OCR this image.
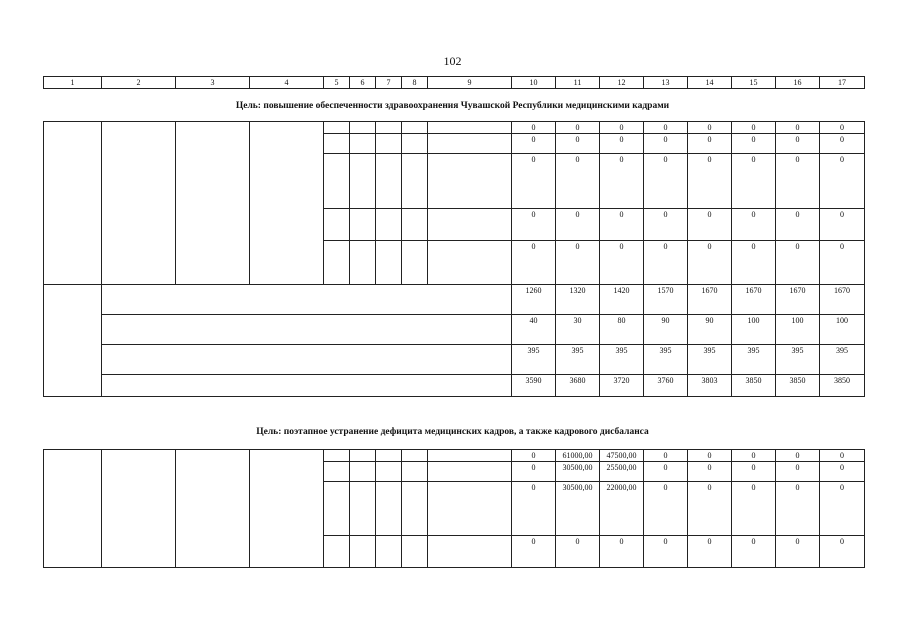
102
1	2	3	4	5	6	7	8	9	10	11	12	13	14	15	16	17
Цель: повышение обеспеченности здравоохранения Чувашской Республики медицинскими кадрами
									0	0	0	0	0	0	0	0
									0	0	0	0	0	0	0	0
									0	0	0	0	0	0	0	0
									0	0	0	0	0	0	0	0
									0	0	0	0	0	0	0	0
									1260	1320	1420	1570	1670	1670	1670	1670
									40	30	80	90	90	100	100	100
									395	395	395	395	395	395	395	395
									3590	3680	3720	3760	3803	3850	3850	3850
Цель: поэтапное устранение дефицита медицинских кадров, а также кадрового дисбаланса
									0	61000,00	47500,00	0	0	0	0	0
									0	30500,00	25500,00	0	0	0	0	0
									0	30500,00	22000,00	0	0	0	0	0
									0	0	0	0	0	0	0	0
